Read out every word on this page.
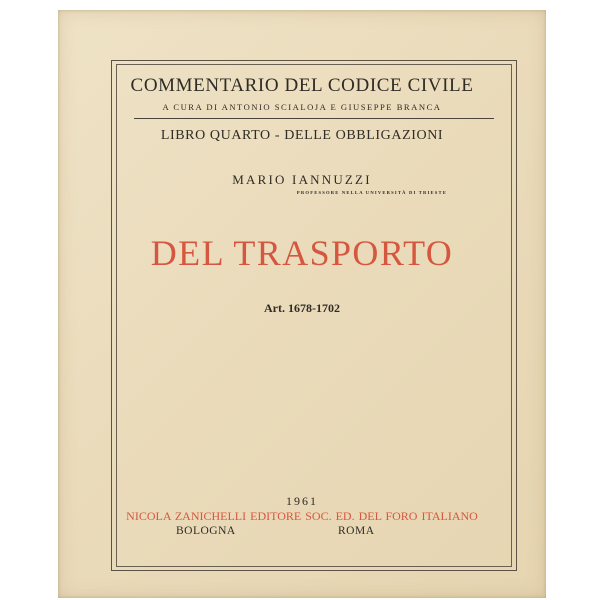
COMMENTARIO DEL CODICE CIVILE
A CURA DI ANTONIO SCIALOJA E GIUSEPPE BRANCA
LIBRO QUARTO - DELLE OBBLIGAZIONI
MARIO IANNUZZI
PROFESSORE NELLA UNIVERSITÀ DI TRIESTE
DEL TRASPORTO
Art. 1678-1702
1961
NICOLA ZANICHELLI EDITORE SOC. ED. DEL FORO ITALIANO
BOLOGNA	ROMA
